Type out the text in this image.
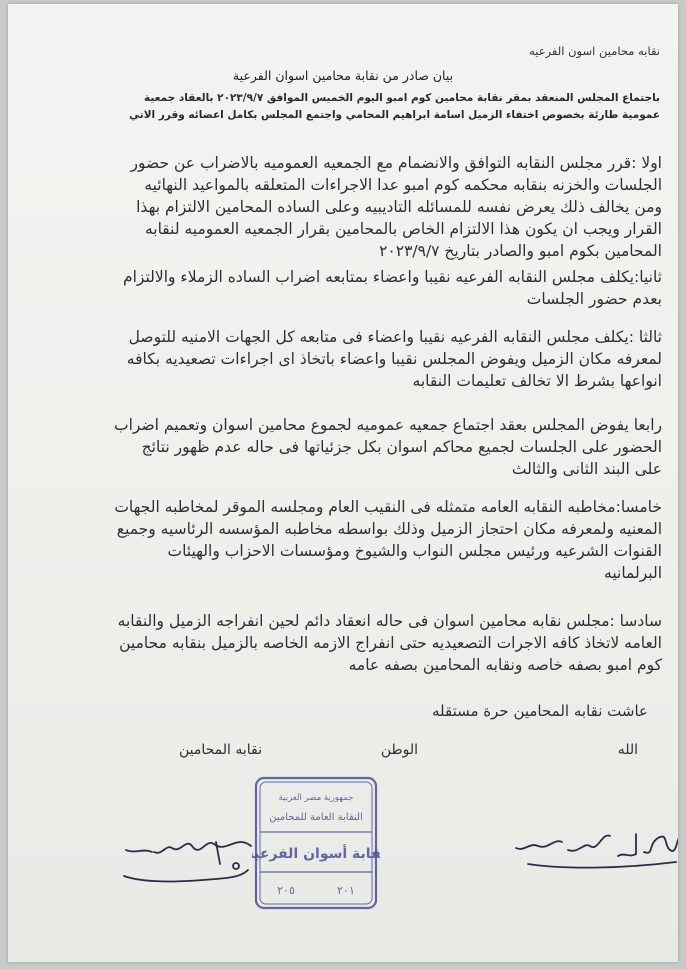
نقابه محامين اسون الفرعيه
بيان صادر من نقابة محامين اسوان الفرعية
باجتماع المجلس المنعقد بمقر نقابة محامين كوم امبو اليوم الخميس الموافق ٢٠٢٣/٩/٧ بالعقاد جمعية عمومية طارئة بخصوص اختفاء الزميل اسامة ابراهيم المحامي واجتمع المجلس بكامل اعضائه وقرر الاتي
اولا :قرر مجلس النقابه التوافق والانضمام مع الجمعيه العموميه بالاضراب عن حضور الجلسات والخزنه بنقابه محكمه كوم امبو عدا الاجراءات المتعلقه بالمواعيد النهائيه ومن يخالف ذلك يعرض نفسه للمسائله التاديبيه وعلى الساده المحامين الالتزام بهذا القرار ويجب ان يكون هذا الالتزام الخاص بالمحامين بقرار الجمعيه العموميه لنقابه المحامين بكوم امبو والصادر بتاريخ ٢٠٢٣/٩/٧
ثانيا:يكلف مجلس النقابه الفرعيه نقيبا واعضاء بمتابعه اضراب الساده الزملاء والالتزام بعدم حضور الجلسات
ثالثا :يكلف مجلس النقابه الفرعيه نقيبا واعضاء فى متابعه كل الجهات الامنيه للتوصل لمعرفه مكان الزميل ويفوض المجلس نقيبا واعضاء باتخاذ اى اجراءات تصعيديه بكافه انواعها بشرط الا تخالف تعليمات النقابه
رابعا يفوض المجلس بعقد اجتماع جمعيه عموميه لجموع محامين اسوان وتعميم اضراب الحضور على الجلسات لجميع محاكم اسوان بكل جزئياتها فى حاله عدم ظهور نتائج على البند الثانى والثالث
خامسا:مخاطبه النقابه العامه متمثله فى النقيب العام ومجلسه الموقر لمخاطبه الجهات المعنيه ولمعرفه مكان احتجاز الزميل وذلك بواسطه مخاطبه المؤسسه الرئاسيه وجميع القنوات الشرعيه ورئيس مجلس النواب والشيوخ ومؤسسات الاحزاب والهيئات البرلمانيه
سادسا :مجلس نقابه محامين اسوان فى حاله انعقاد دائم لحين انفراجه الزميل والنقابه العامه لاتخاذ كافه الاجرات التصعيديه حتى انفراج الازمه الخاصه بالزميل بنقابه محامين كوم امبو بصفه خاصه ونقابه المحامين بصفه عامه
عاشت نقابه المحامين حرة مستقله
نقابه المحامين	الوطن	الله
جمهورية مصر العربية
النقابة العامة للمحامين
نقابة أسوان الفرعية
٢٠٥	٢٠١
